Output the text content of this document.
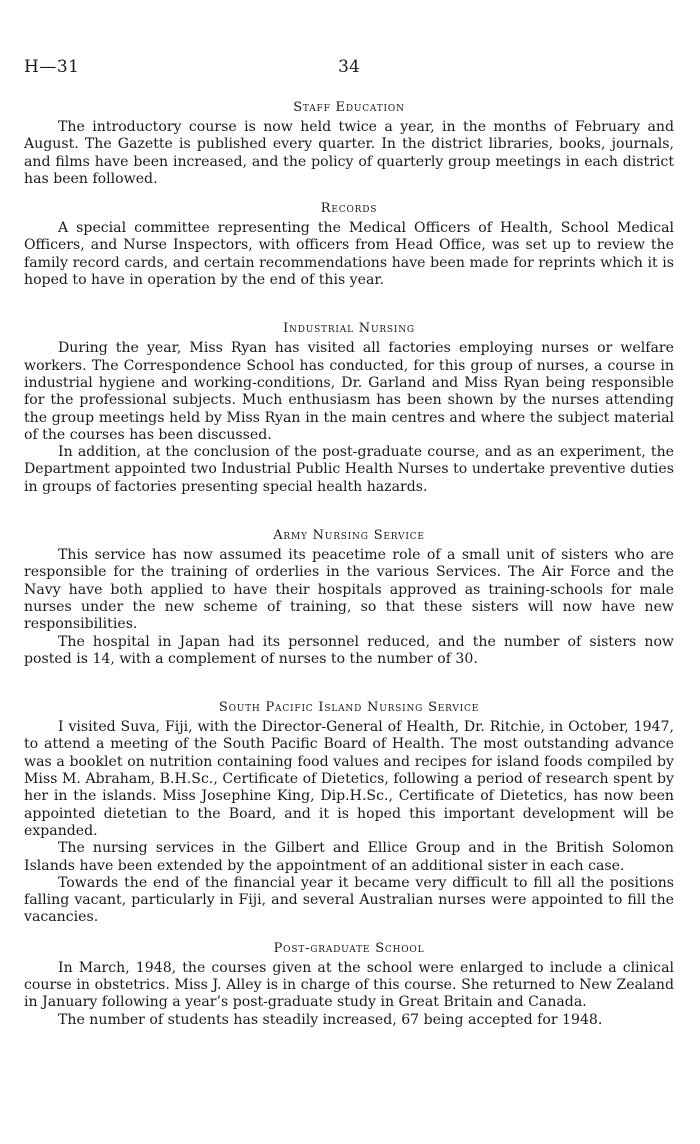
H—31	34
Staff Education

The introductory course is now held twice a year, in the months of February and August. The Gazette is published every quarter. In the district libraries, books, journals, and films have been increased, and the policy of quarterly group meetings in each district has been followed.

Records

A special committee representing the Medical Officers of Health, School Medical Officers, and Nurse Inspectors, with officers from Head Office, was set up to review the family record cards, and certain recommendations have been made for reprints which it is hoped to have in operation by the end of this year.

Industrial Nursing

During the year, Miss Ryan has visited all factories employing nurses or welfare workers. The Correspondence School has conducted, for this group of nurses, a course in industrial hygiene and working-conditions, Dr. Garland and Miss Ryan being responsible for the professional subjects. Much enthusiasm has been shown by the nurses attending the group meetings held by Miss Ryan in the main centres and where the subject material of the courses has been discussed.

In addition, at the conclusion of the post-graduate course, and as an experiment, the Department appointed two Industrial Public Health Nurses to undertake preventive duties in groups of factories presenting special health hazards.

Army Nursing Service

This service has now assumed its peacetime role of a small unit of sisters who are responsible for the training of orderlies in the various Services. The Air Force and the Navy have both applied to have their hospitals approved as training-schools for male nurses under the new scheme of training, so that these sisters will now have new responsibilities.

The hospital in Japan had its personnel reduced, and the number of sisters now posted is 14, with a complement of nurses to the number of 30.

South Pacific Island Nursing Service

I visited Suva, Fiji, with the Director-General of Health, Dr. Ritchie, in October, 1947, to attend a meeting of the South Pacific Board of Health. The most outstanding advance was a booklet on nutrition containing food values and recipes for island foods compiled by Miss M. Abraham, B.H.Sc., Certificate of Dietetics, following a period of research spent by her in the islands. Miss Josephine King, Dip.H.Sc., Certificate of Dietetics, has now been appointed dietetian to the Board, and it is hoped this important development will be expanded.

The nursing services in the Gilbert and Ellice Group and in the British Solomon Islands have been extended by the appointment of an additional sister in each case.

Towards the end of the financial year it became very difficult to fill all the positions falling vacant, particularly in Fiji, and several Australian nurses were appointed to fill the vacancies.

Post-graduate School

In March, 1948, the courses given at the school were enlarged to include a clinical course in obstetrics. Miss J. Alley is in charge of this course. She returned to New Zealand in January following a year’s post-graduate study in Great Britain and Canada.

The number of students has steadily increased, 67 being accepted for 1948.
